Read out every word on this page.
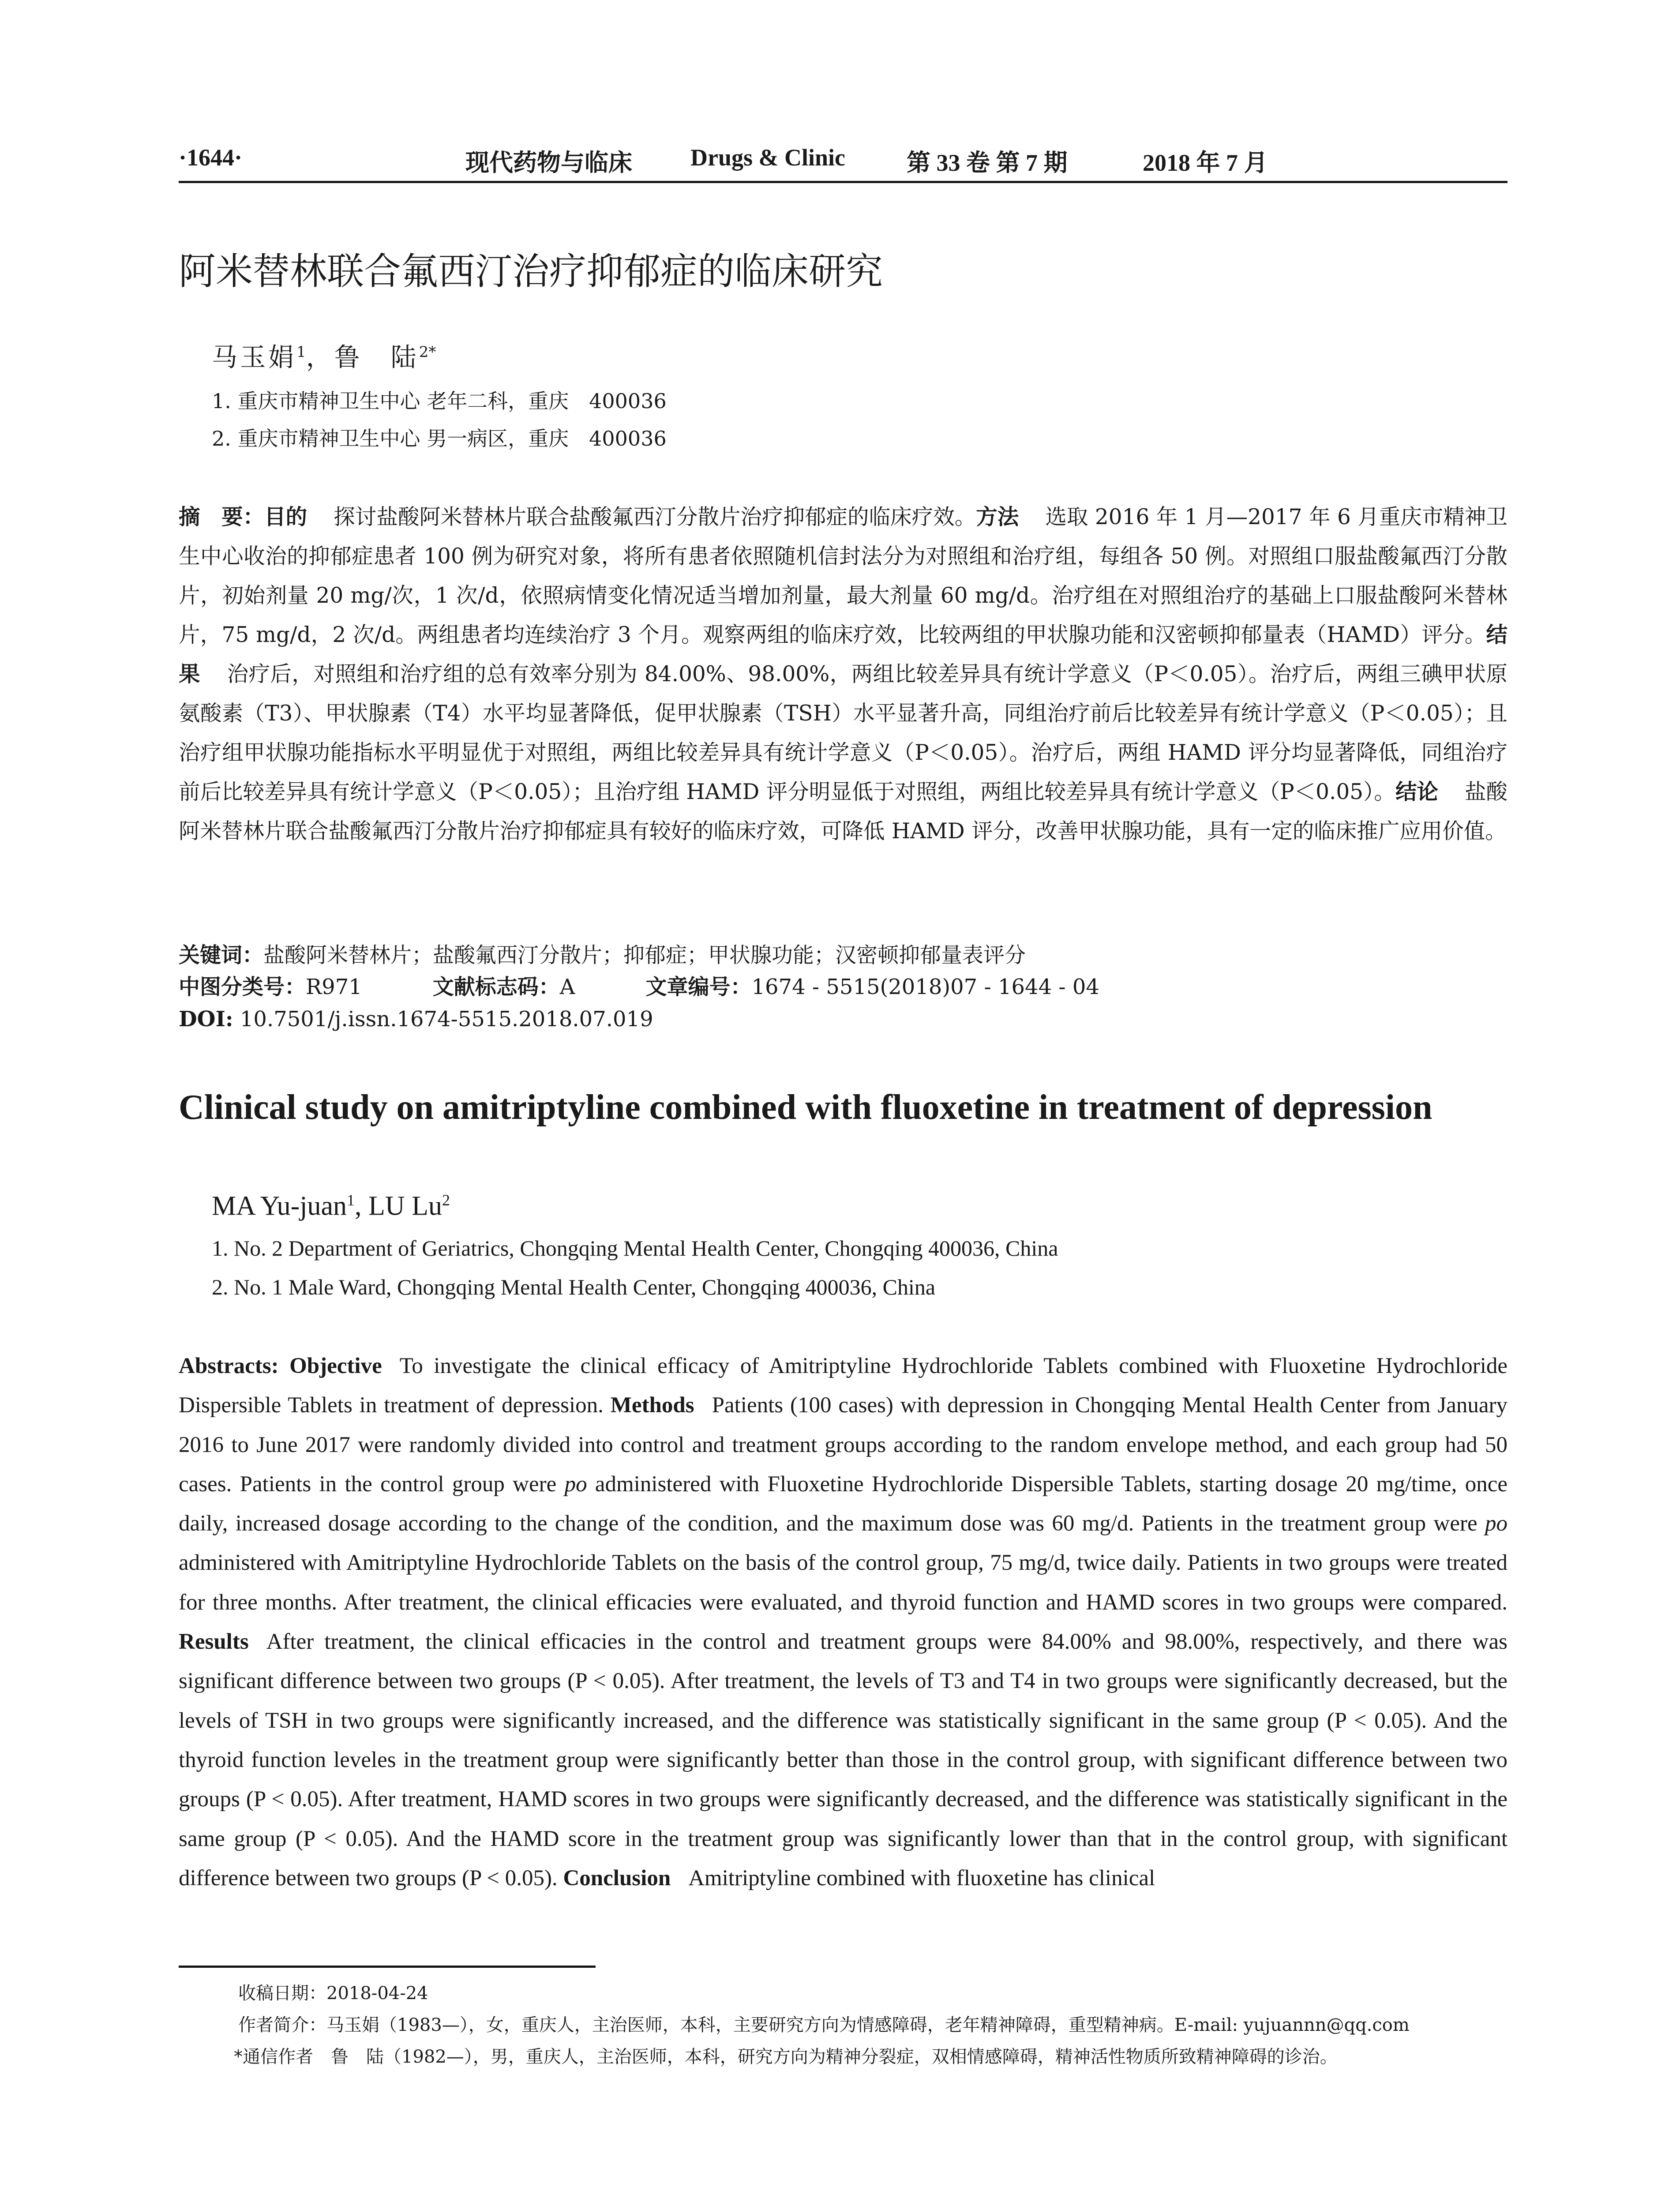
·1644·	现代药物与临床 Drugs & Clinic	第 33 卷 第 7 期	2018 年 7 月
阿米替林联合氟西汀治疗抑郁症的临床研究
马玉娟$^1$，鲁　陆$^{2*}$
1. 重庆市精神卫生中心 老年二科，重庆　400036
2. 重庆市精神卫生中心 男一病区，重庆　400036

摘　要：目的 探讨盐酸阿米替林片联合盐酸氟西汀分散片治疗抑郁症的临床疗效。方法 选取 2016 年 1 月—2017 年 6 月重庆市精神卫生中心收治的抑郁症患者 100 例为研究对象，将所有患者依照随机信封法分为对照组和治疗组，每组各 50 例。对照组口服盐酸氟西汀分散片，初始剂量 20 mg/次，1 次/d，依照病情变化情况适当增加剂量，最大剂量 60 mg/d。治疗组在对照组治疗的基础上口服盐酸阿米替林片，75 mg/d，2 次/d。两组患者均连续治疗 3 个月。观察两组的临床疗效，比较两组的甲状腺功能和汉密顿抑郁量表（HAMD）评分。结果 治疗后，对照组和治疗组的总有效率分别为 84.00%、98.00%，两组比较差异具有统计学意义（P＜0.05）。治疗后，两组三碘甲状原氨酸素（T3）、甲状腺素（T4）水平均显著降低，促甲状腺素（TSH）水平显著升高，同组治疗前后比较差异有统计学意义（P＜0.05）；且治疗组甲状腺功能指标水平明显优于对照组，两组比较差异具有统计学意义（P＜0.05）。治疗后，两组 HAMD 评分均显著降低，同组治疗前后比较差异具有统计学意义（P＜0.05）；且治疗组 HAMD 评分明显低于对照组，两组比较差异具有统计学意义（P＜0.05）。结论 盐酸阿米替林片联合盐酸氟西汀分散片治疗抑郁症具有较好的临床疗效，可降低 HAMD 评分，改善甲状腺功能，具有一定的临床推广应用价值。

关键词：盐酸阿米替林片；盐酸氟西汀分散片；抑郁症；甲状腺功能；汉密顿抑郁量表评分
中图分类号：R971	文献标志码：A	文章编号：1674 - 5515(2018)07 - 1644 - 04
DOI: 10.7501/j.issn.1674-5515.2018.07.019
Clinical study on amitriptyline combined with fluoxetine in treatment of depression
MA Yu-juan$^1$, LU Lu$^2$
1. No. 2 Department of Geriatrics, Chongqing Mental Health Center, Chongqing 400036, China
2. No. 1 Male Ward, Chongqing Mental Health Center, Chongqing 400036, China

Abstracts: Objective To investigate the clinical efficacy of Amitriptyline Hydrochloride Tablets combined with Fluoxetine Hydrochloride Dispersible Tablets in treatment of depression. Methods Patients (100 cases) with depression in Chongqing Mental Health Center from January 2016 to June 2017 were randomly divided into control and treatment groups according to the random envelope method, and each group had 50 cases. Patients in the control group were po administered with Fluoxetine Hydrochloride Dispersible Tablets, starting dosage 20 mg/time, once daily, increased dosage according to the change of the condition, and the maximum dose was 60 mg/d. Patients in the treatment group were po administered with Amitriptyline Hydrochloride Tablets on the basis of the control group, 75 mg/d, twice daily. Patients in two groups were treated for three months. After treatment, the clinical efficacies were evaluated, and thyroid function and HAMD scores in two groups were compared. Results After treatment, the clinical efficacies in the control and treatment groups were 84.00% and 98.00%, respectively, and there was significant difference between two groups (P < 0.05). After treatment, the levels of T3 and T4 in two groups were significantly decreased, but the levels of TSH in two groups were significantly increased, and the difference was statistically significant in the same group (P < 0.05). And the thyroid function leveles in the treatment group were significantly better than those in the control group, with significant difference between two groups (P < 0.05). After treatment, HAMD scores in two groups were significantly decreased, and the difference was statistically significant in the same group (P < 0.05). And the HAMD score in the treatment group was significantly lower than that in the control group, with significant difference between two groups (P < 0.05). Conclusion Amitriptyline combined with fluoxetine has clinical

收稿日期：2018-04-24
作者简介：马玉娟（1983—），女，重庆人，主治医师，本科，主要研究方向为情感障碍，老年精神障碍，重型精神病。E-mail: yujuannn@qq.com
*通信作者　鲁　陆（1982—），男，重庆人，主治医师，本科，研究方向为精神分裂症，双相情感障碍，精神活性物质所致精神障碍的诊治。
